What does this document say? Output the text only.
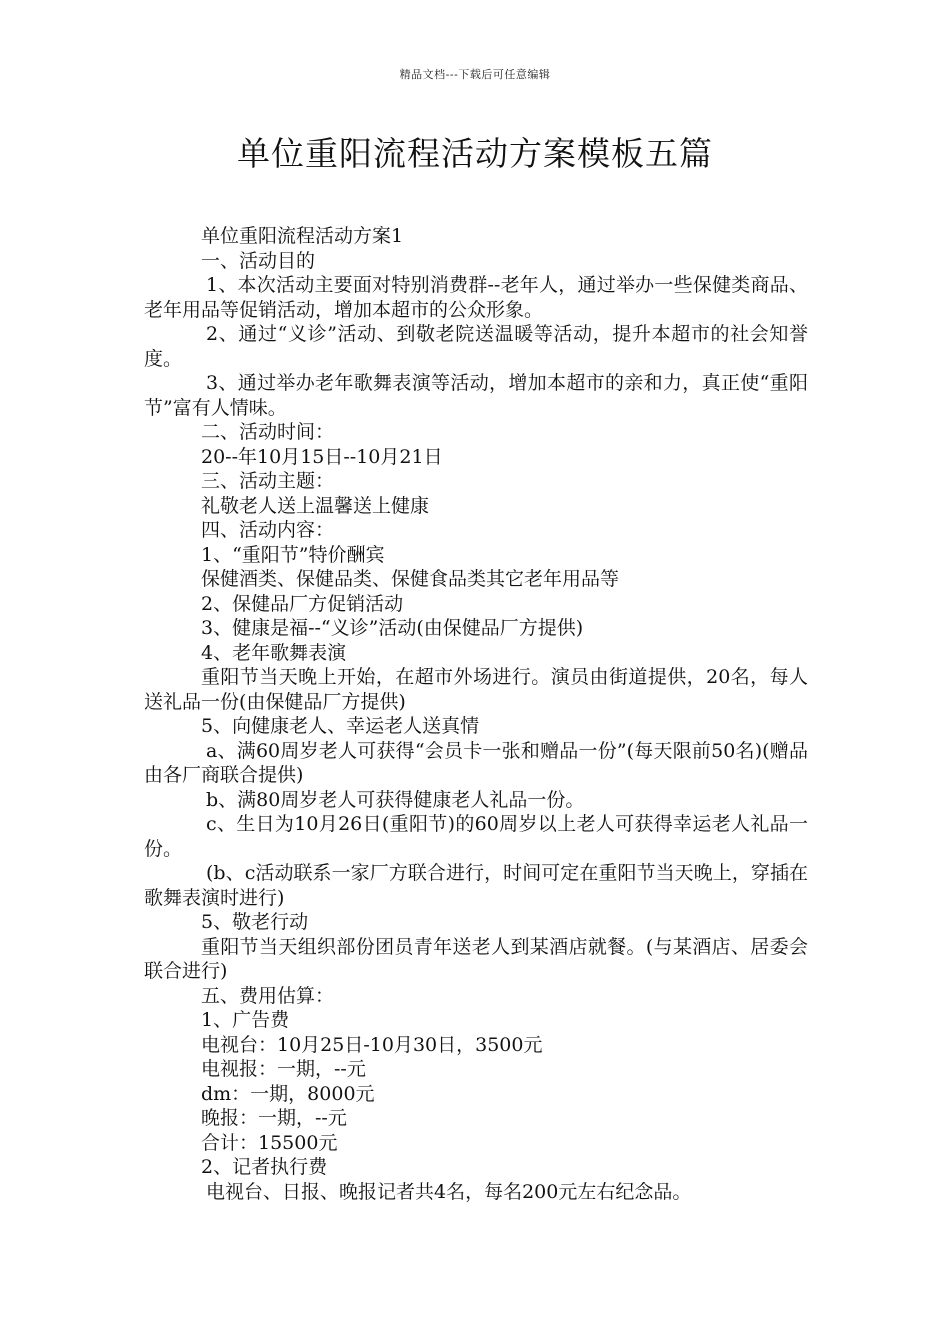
精品文档---下载后可任意编辑
单位重阳流程活动方案模板五篇

单位重阳流程活动方案1

一、活动目的

1、本次活动主要面对特别消费群--老年人，通过举办一些保健类商品、老年用品等促销活动，增加本超市的公众形象。

2、通过“义诊”活动、到敬老院送温暖等活动，提升本超市的社会知誉度。

3、通过举办老年歌舞表演等活动，增加本超市的亲和力，真正使“重阳节”富有人情味。

二、活动时间：

20--年10月15日--10月21日

三、活动主题：

礼敬老人送上温馨送上健康

四、活动内容：

1、“重阳节”特价酬宾

保健酒类、保健品类、保健食品类其它老年用品等

2、保健品厂方促销活动

3、健康是福--“义诊”活动(由保健品厂方提供)

4、老年歌舞表演

重阳节当天晚上开始，在超市外场进行。演员由街道提供，20名，每人送礼品一份(由保健品厂方提供)

5、向健康老人、幸运老人送真情

a、满60周岁老人可获得“会员卡一张和赠品一份”(每天限前50名)(赠品由各厂商联合提供)

b、满80周岁老人可获得健康老人礼品一份。

c、生日为10月26日(重阳节)的60周岁以上老人可获得幸运老人礼品一份。

(b、c活动联系一家厂方联合进行，时间可定在重阳节当天晚上，穿插在歌舞表演时进行)

5、敬老行动

重阳节当天组织部份团员青年送老人到某酒店就餐。(与某酒店、居委会联合进行)

五、费用估算：

1、广告费

电视台：10月25日-10月30日，3500元

电视报：一期，--元

dm：一期，8000元

晚报：一期，--元

合计：15500元

2、记者执行费

电视台、日报、晚报记者共4名，每名200元左右纪念品。
